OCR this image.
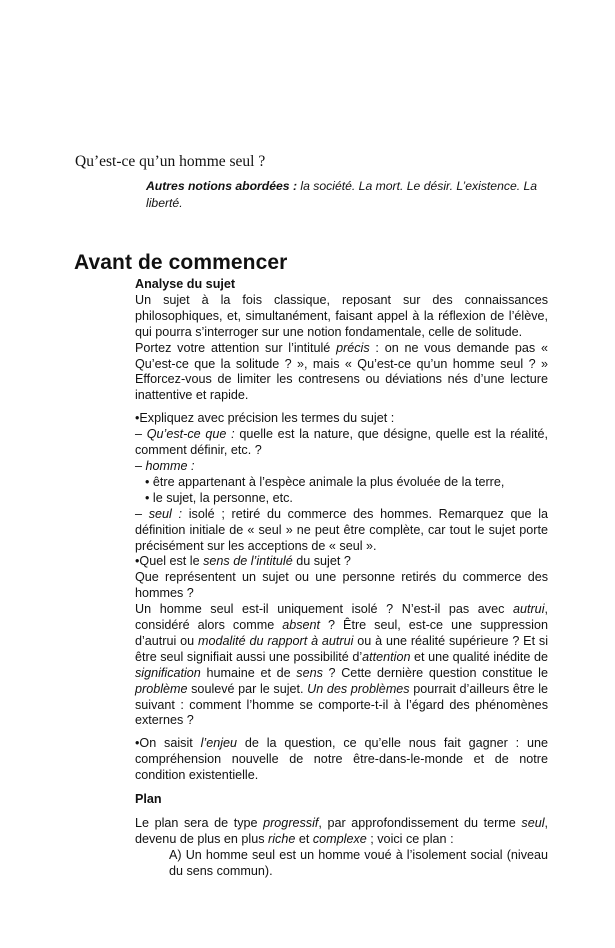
Qu’est-ce qu’un homme seul ?
Autres notions abordées : la société. La mort. Le désir. L’existence. La liberté.
Avant de commencer

Analyse du sujet

Un sujet à la fois classique, reposant sur des connaissances philosophiques, et, simultanément, faisant appel à la réflexion de l’élève, qui pourra s’interroger sur une notion fondamentale, celle de solitude.

Portez votre attention sur l’intitulé précis : on ne vous demande pas « Qu’est-ce que la solitude ? », mais « Qu’est-ce qu’un homme seul ? » Efforcez-vous de limiter les contresens ou déviations nés d’une lecture inattentive et rapide.

•Expliquez avec précision les termes du sujet :

– Qu’est-ce que : quelle est la nature, que désigne, quelle est la réalité, comment définir, etc. ?

– homme :

• être appartenant à l’espèce animale la plus évoluée de la terre,

• le sujet, la personne, etc.

– seul : isolé ; retiré du commerce des hommes. Remarquez que la définition initiale de « seul » ne peut être complète, car tout le sujet porte précisément sur les acceptions de « seul ».

•Quel est le sens de l’intitulé du sujet ?

Que représentent un sujet ou une personne retirés du commerce des hommes ?

Un homme seul est-il uniquement isolé ? N’est-il pas avec autrui, considéré alors comme absent ? Être seul, est-ce une suppression d’autrui ou modalité du rapport à autrui ou à une réalité supérieure ? Et si être seul signifiait aussi une possibilité d’attention et une qualité inédite de signification humaine et de sens ? Cette dernière question constitue le problème soulevé par le sujet. Un des problèmes pourrait d’ailleurs être le suivant : comment l’homme se comporte-t-il à l’égard des phénomènes externes ?

•On saisit l’enjeu de la question, ce qu’elle nous fait gagner : une compréhension nouvelle de notre être-dans-le-monde et de notre condition existentielle.

Plan

Le plan sera de type progressif, par approfondissement du terme seul, devenu de plus en plus riche et complexe ; voici ce plan :

A) Un homme seul est un homme voué à l’isolement social (niveau du sens commun).
